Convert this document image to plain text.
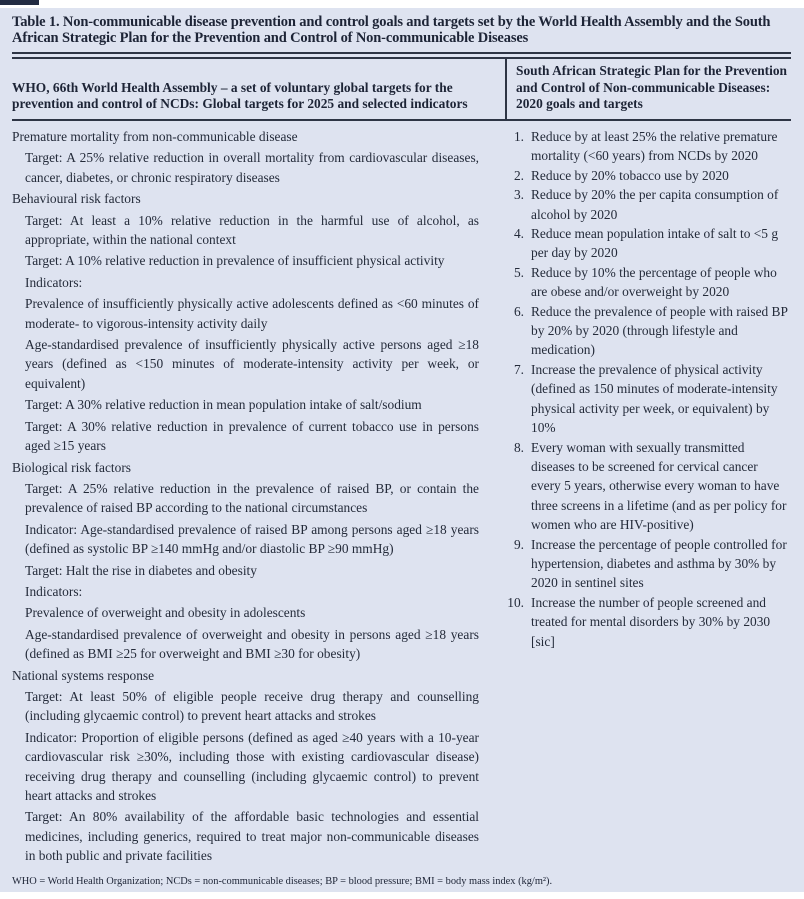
Table 1. Non-communicable disease prevention and control goals and targets set by the World Health Assembly and the South African Strategic Plan for the Prevention and Control of Non-communicable Diseases
WHO, 66th World Health Assembly – a set of voluntary global targets for the prevention and control of NCDs: Global targets for 2025 and selected indicators
South African Strategic Plan for the Prevention and Control of Non-communicable Diseases: 2020 goals and targets
Premature mortality from non-communicable disease

Target: A 25% relative reduction in overall mortality from cardiovascular diseases, cancer, diabetes, or chronic respiratory diseases

Behavioural risk factors

Target: At least a 10% relative reduction in the harmful use of alcohol, as appropriate, within the national context

Target: A 10% relative reduction in prevalence of insufficient physical activity

Indicators:

Prevalence of insufficiently physically active adolescents defined as <60 minutes of moderate- to vigorous-intensity activity daily

Age-standardised prevalence of insufficiently physically active persons aged ≥18 years (defined as <150 minutes of moderate-intensity activity per week, or equivalent)

Target: A 30% relative reduction in mean population intake of salt/sodium

Target: A 30% relative reduction in prevalence of current tobacco use in persons aged ≥15 years

Biological risk factors

Target: A 25% relative reduction in the prevalence of raised BP, or contain the prevalence of raised BP according to the national circumstances

Indicator: Age-standardised prevalence of raised BP among persons aged ≥18 years (defined as systolic BP ≥140 mmHg and/or diastolic BP ≥90 mmHg)

Target: Halt the rise in diabetes and obesity

Indicators:

Prevalence of overweight and obesity in adolescents

Age-standardised prevalence of overweight and obesity in persons aged ≥18 years (defined as BMI ≥25 for overweight and BMI ≥30 for obesity)

National systems response

Target: At least 50% of eligible people receive drug therapy and counselling (including glycaemic control) to prevent heart attacks and strokes

Indicator: Proportion of eligible persons (defined as aged ≥40 years with a 10-year cardiovascular risk ≥30%, including those with existing cardiovascular disease) receiving drug therapy and counselling (including glycaemic control) to prevent heart attacks and strokes

Target: An 80% availability of the affordable basic technologies and essential medicines, including generics, required to treat major non-communicable diseases in both public and private facilities

1. Reduce by at least 25% the relative premature mortality (<60 years) from NCDs by 2020
2. Reduce by 20% tobacco use by 2020
3. Reduce by 20% the per capita consumption of alcohol by 2020
4. Reduce mean population intake of salt to <5 g per day by 2020
5. Reduce by 10% the percentage of people who are obese and/or overweight by 2020
6. Reduce the prevalence of people with raised BP by 20% by 2020 (through lifestyle and medication)
7. Increase the prevalence of physical activity (defined as 150 minutes of moderate-intensity physical activity per week, or equivalent) by 10%
8. Every woman with sexually transmitted diseases to be screened for cervical cancer every 5 years, otherwise every woman to have three screens in a lifetime (and as per policy for women who are HIV-positive)
9. Increase the percentage of people controlled for hypertension, diabetes and asthma by 30% by 2020 in sentinel sites
10. Increase the number of people screened and treated for mental disorders by 30% by 2030 [sic]
WHO = World Health Organization; NCDs = non-communicable diseases; BP = blood pressure; BMI = body mass index (kg/m²).
